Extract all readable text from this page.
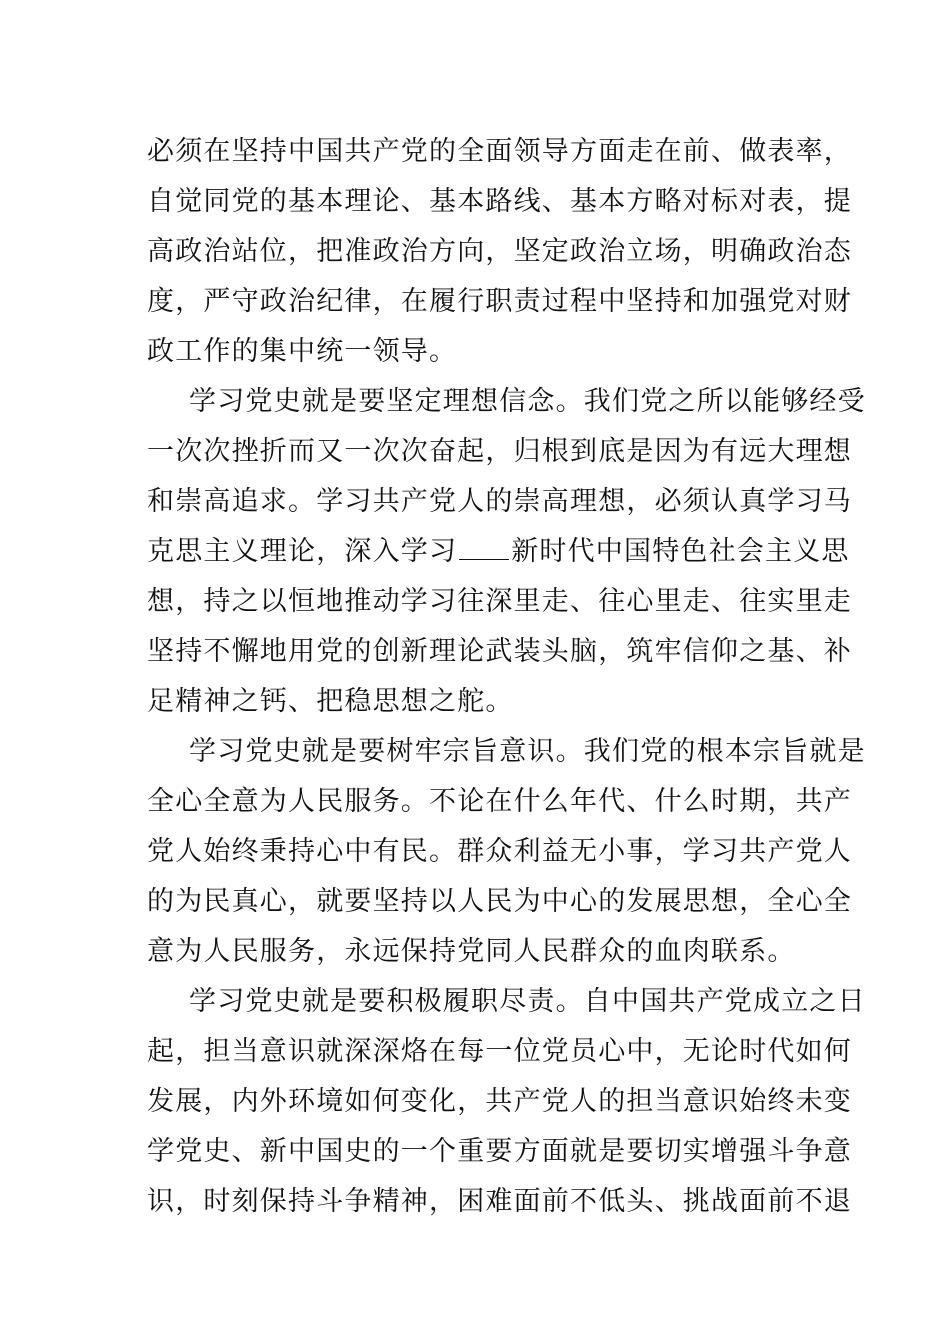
必须在坚持中国共产党的全面领导方面走在前、做表率，
自觉同党的基本理论、基本路线、基本方略对标对表，提
高政治站位，把准政治方向，坚定政治立场，明确政治态
度，严守政治纪律，在履行职责过程中坚持和加强党对财
政工作的集中统一领导。
学习党史就是要坚定理想信念。我们党之所以能够经受
一次次挫折而又一次次奋起，归根到底是因为有远大理想
和崇高追求。学习共产党人的崇高理想，必须认真学习马
克思主义理论，深入学习 新时代中国特色社会主义思
想，持之以恒地推动学习往深里走、往心里走、往实里走
坚持不懈地用党的创新理论武装头脑，筑牢信仰之基、补
足精神之钙、把稳思想之舵。
学习党史就是要树牢宗旨意识。我们党的根本宗旨就是
全心全意为人民服务。不论在什么年代、什么时期，共产
党人始终秉持心中有民。群众利益无小事，学习共产党人
的为民真心，就要坚持以人民为中心的发展思想，全心全
意为人民服务，永远保持党同人民群众的血肉联系。
学习党史就是要积极履职尽责。自中国共产党成立之日
起，担当意识就深深烙在每一位党员心中，无论时代如何
发展，内外环境如何变化，共产党人的担当意识始终未变
学党史、新中国史的一个重要方面就是要切实增强斗争意
识，时刻保持斗争精神，困难面前不低头、挑战面前不退
